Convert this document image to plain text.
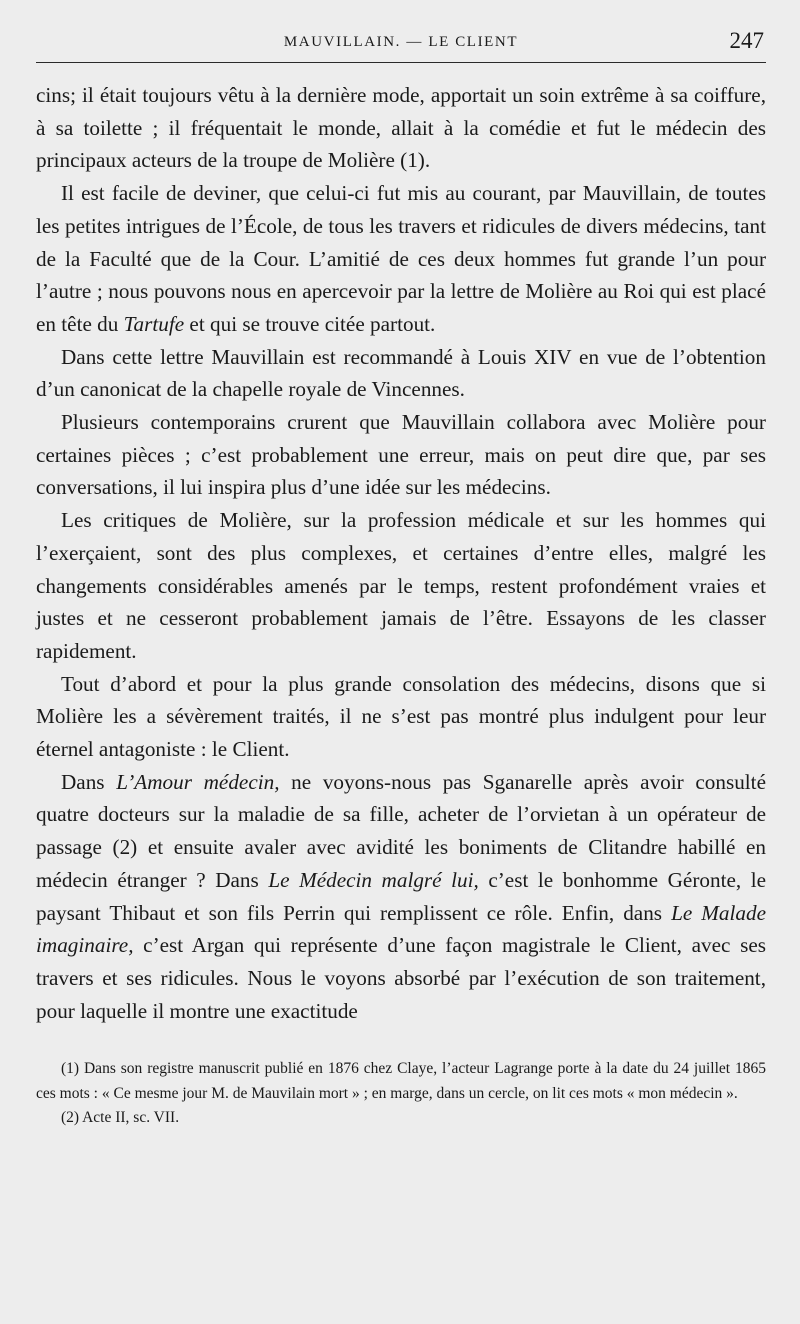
MAUVILLAIN. — LE CLIENT	247

cins; il était toujours vêtu à la dernière mode, apportait un soin extrême à sa coiffure, à sa toilette ; il fréquentait le monde, allait à la comédie et fut le médecin des principaux acteurs de la troupe de Molière (1).

Il est facile de deviner, que celui-ci fut mis au courant, par Mauvillain, de toutes les petites intrigues de l’École, de tous les travers et ridicules de divers médecins, tant de la Faculté que de la Cour. L’amitié de ces deux hommes fut grande l’un pour l’autre ; nous pouvons nous en apercevoir par la lettre de Molière au Roi qui est placé en tête du Tartufe et qui se trouve citée partout.

Dans cette lettre Mauvillain est recommandé à Louis XIV en vue de l’obtention d’un canonicat de la chapelle royale de Vincennes.

Plusieurs contemporains crurent que Mauvillain collabora avec Molière pour certaines pièces ; c’est probablement une erreur, mais on peut dire que, par ses conversations, il lui inspira plus d’une idée sur les médecins.

Les critiques de Molière, sur la profession médicale et sur les hommes qui l’exerçaient, sont des plus complexes, et certaines d’entre elles, malgré les changements considérables amenés par le temps, restent profondément vraies et justes et ne cesseront probablement jamais de l’être. Essayons de les classer rapidement.

Tout d’abord et pour la plus grande consolation des médecins, disons que si Molière les a sévèrement traités, il ne s’est pas montré plus indulgent pour leur éternel antagoniste : le Client.

Dans L’Amour médecin, ne voyons-nous pas Sganarelle après avoir consulté quatre docteurs sur la maladie de sa fille, acheter de l’orvietan à un opérateur de passage (2) et ensuite avaler avec avidité les boniments de Clitandre habillé en médecin étranger ? Dans Le Médecin malgré lui, c’est le bonhomme Géronte, le paysant Thibaut et son fils Perrin qui remplissent ce rôle. Enfin, dans Le Malade imaginaire, c’est Argan qui représente d’une façon magistrale le Client, avec ses travers et ses ridicules. Nous le voyons absorbé par l’exécution de son traitement, pour laquelle il montre une exactitude

(1) Dans son registre manuscrit publié en 1876 chez Claye, l’acteur Lagrange porte à la date du 24 juillet 1865 ces mots : « Ce mesme jour M. de Mauvilain mort » ; en marge, dans un cercle, on lit ces mots « mon médecin ».

(2) Acte II, sc. VII.
